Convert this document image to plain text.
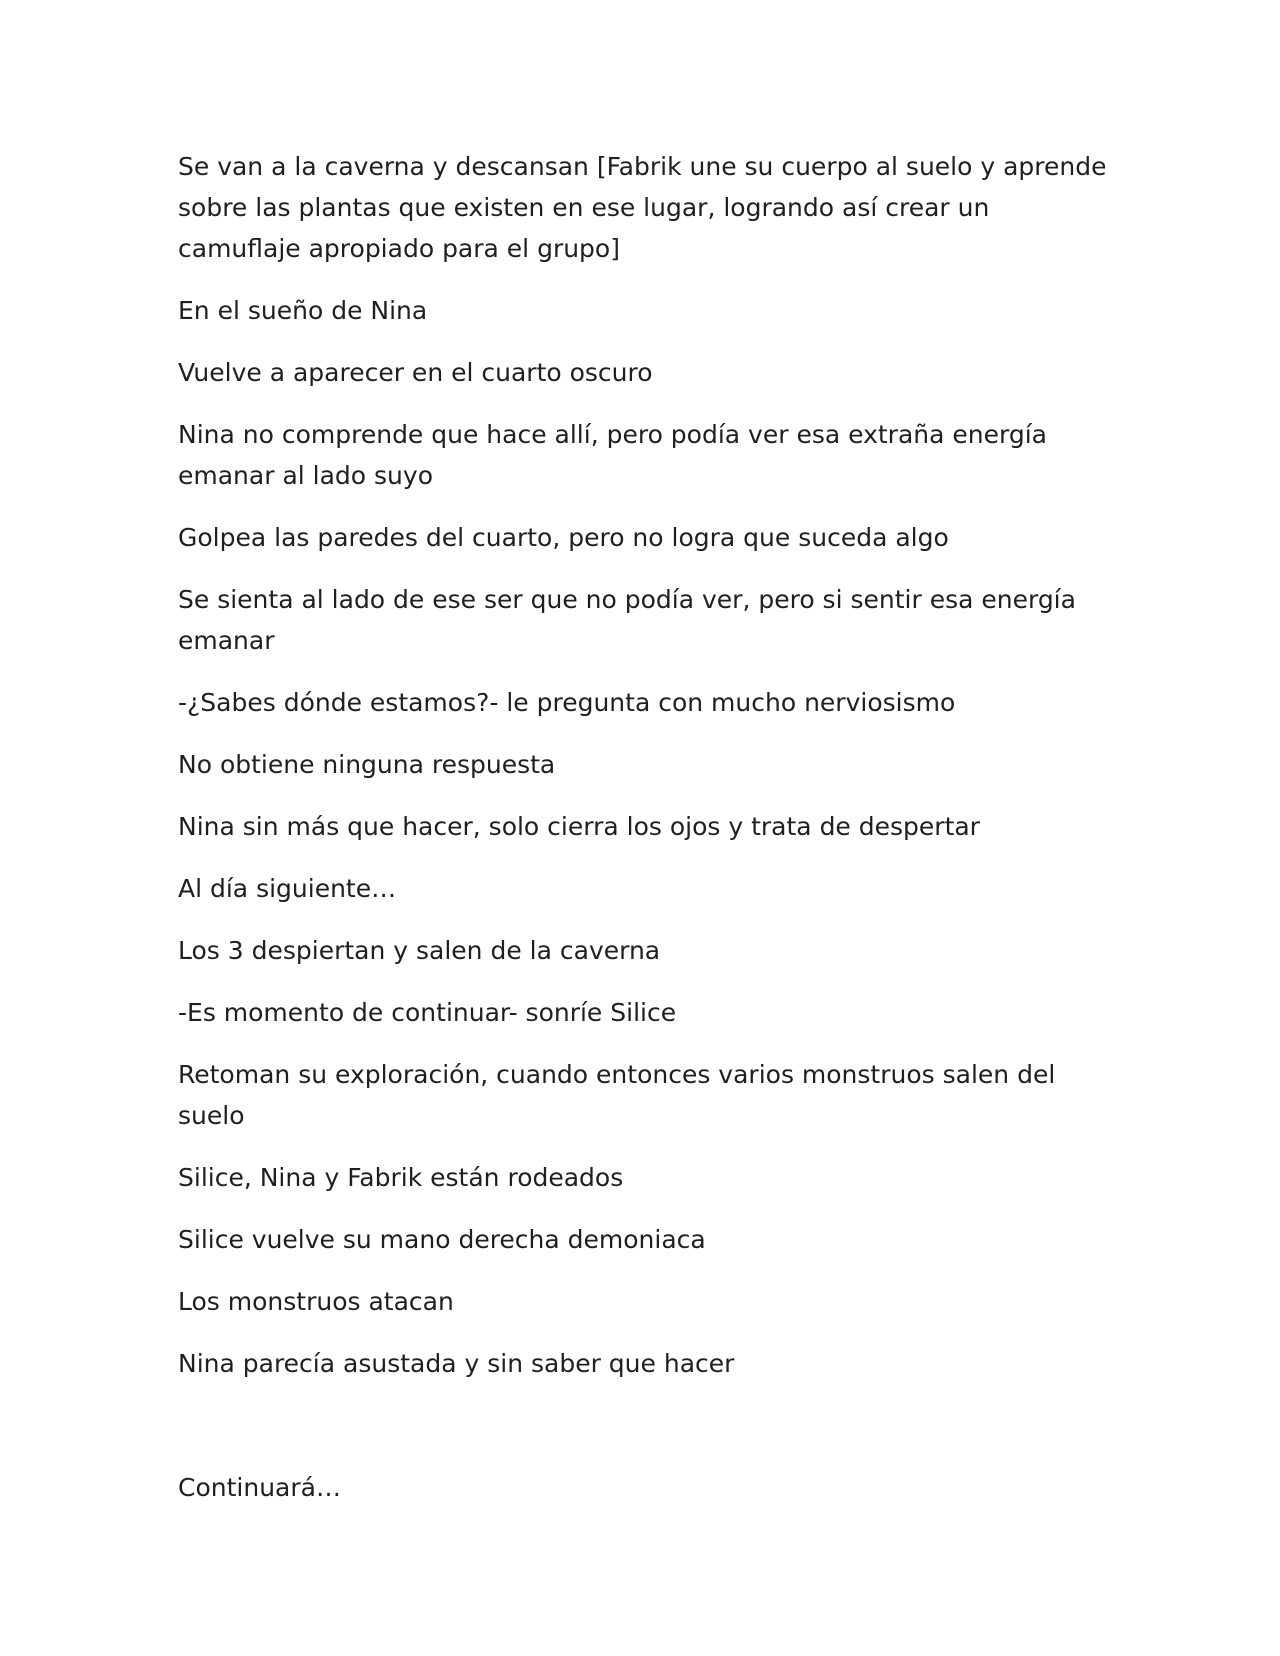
Se van a la caverna y descansan [Fabrik une su cuerpo al suelo y aprende sobre las plantas que existen en ese lugar, logrando así crear un camuflaje apropiado para el grupo]

En el sueño de Nina

Vuelve a aparecer en el cuarto oscuro

Nina no comprende que hace allí, pero podía ver esa extraña energía emanar al lado suyo

Golpea las paredes del cuarto, pero no logra que suceda algo

Se sienta al lado de ese ser que no podía ver, pero si sentir esa energía emanar

-¿Sabes dónde estamos?- le pregunta con mucho nerviosismo

No obtiene ninguna respuesta

Nina sin más que hacer, solo cierra los ojos y trata de despertar

Al día siguiente…

Los 3 despiertan y salen de la caverna

-Es momento de continuar- sonríe Silice

Retoman su exploración, cuando entonces varios monstruos salen del suelo

Silice, Nina y Fabrik están rodeados

Silice vuelve su mano derecha demoniaca

Los monstruos atacan

Nina parecía asustada y sin saber que hacer

Continuará…
